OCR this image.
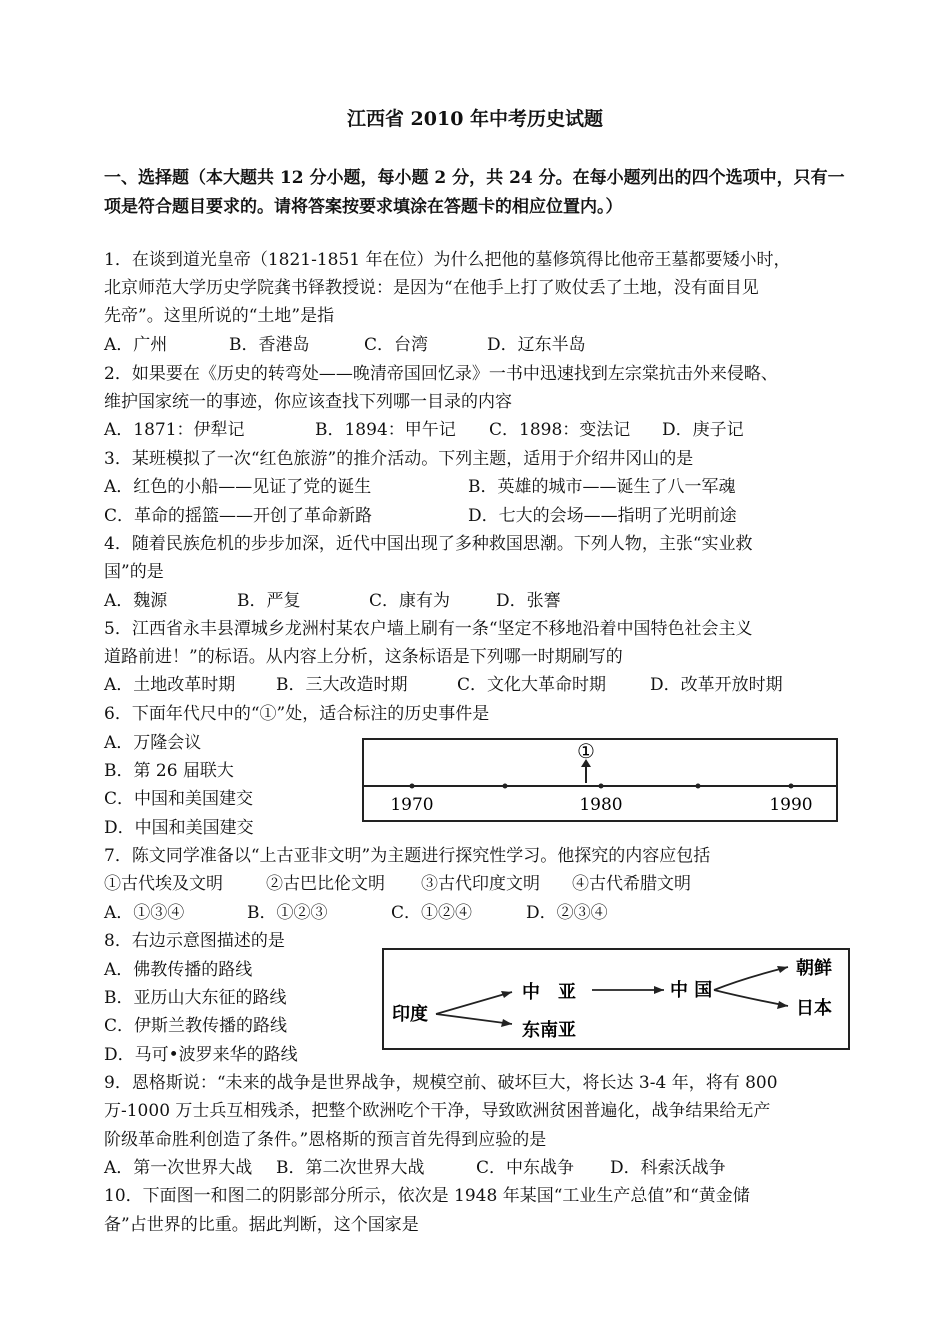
江西省 2010 年中考历史试题
一、选择题（本大题共 12 分小题，每小题 2 分，共 24 分。在每小题列出的四个选项中，只有一项是符合题目要求的。请将答案按要求填涂在答题卡的相应位置内。）
1．在谈到道光皇帝（1821-1851 年在位）为什么把他的墓修筑得比他帝王墓都要矮小时，
北京师范大学历史学院龚书铎教授说：是因为“在他手上打了败仗丢了土地，没有面目见
先帝”。这里所说的“土地”是指
A．广州	B．香港岛	C．台湾	D．辽东半岛
2．如果要在《历史的转弯处——晚清帝国回忆录》一书中迅速找到左宗棠抗击外来侵略、
维护国家统一的事迹，你应该查找下列哪一目录的内容
A．1871：伊犁记	B．1894：甲午记 C．1898：变法记 D．庚子记
3．某班模拟了一次“红色旅游”的推介活动。下列主题，适用于介绍井冈山的是
A．红色的小船——见证了党的诞生	B．英雄的城市——诞生了八一军魂
C．革命的摇篮——开创了革命新路	D．七大的会场——指明了光明前途
4．随着民族危机的步步加深，近代中国出现了多种救国思潮。下列人物，主张“实业救
国”的是
A．魏源	B．严复	C．康有为	D．张謇
5．江西省永丰县潭城乡龙洲村某农户墙上刷有一条“坚定不移地沿着中国特色社会主义
道路前进！”的标语。从内容上分析，这条标语是下列哪一时期刷写的
A．土地改革时期 B．三大改造时期	C．文化大革命时期	D．改革开放时期
6．下面年代尺中的“①”处，适合标注的历史事件是
A．万隆会议
B．第 26 届联大
C．中国和美国建交
D．中国和美国建交
①
1970	1980	1990
7．陈文同学准备以“上古亚非文明”为主题进行探究性学习。他探究的内容应包括
①古代埃及文明	②古巴比伦文明 ③古代印度文明 ④古代希腊文明
A．①③④	B．①②③	C．①②④	D．②③④
8．右边示意图描述的是
A．佛教传播的路线
B．亚历山大东征的路线
C．伊斯兰教传播的路线
D．马可•波罗来华的路线
印度
中　亚
东南亚
中 国
朝鲜
日本
9．恩格斯说：“未来的战争是世界战争，规模空前、破坏巨大，将长达 3-4 年，将有 800
万-1000 万士兵互相残杀，把整个欧洲吃个干净，导致欧洲贫困普遍化，战争结果给无产
阶级革命胜利创造了条件。”恩格斯的预言首先得到应验的是
A．第一次世界大战 B．第二次世界大战	C．中东战争 D．科索沃战争
10．下面图一和图二的阴影部分所示，依次是 1948 年某国“工业生产总值”和“黄金储
备”占世界的比重。据此判断，这个国家是
